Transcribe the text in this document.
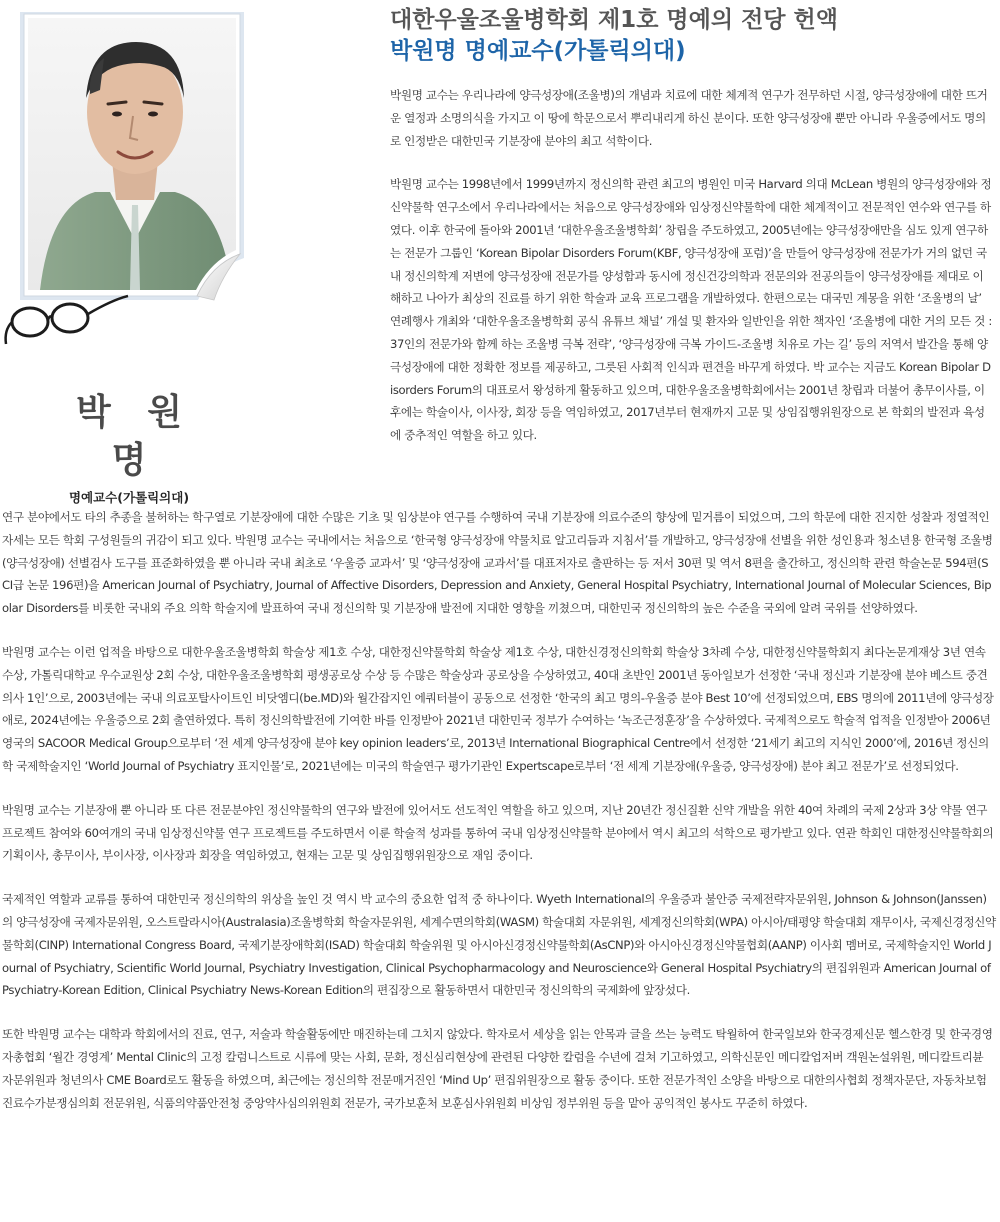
박 원 명
명예교수(가톨릭의대)
대한우울조울병학회 제1호 명예의 전당 헌액
박원명 명예교수(가톨릭의대)

박원명 교수는 우리나라에 양극성장애(조울병)의 개념과 치료에 대한 체계적 연구가 전무하던 시절, 양극성장애에 대한 뜨거운 열정과 소명의식을 가지고 이 땅에 학문으로서 뿌리내리게 하신 분이다. 또한 양극성장애 뿐만 아니라 우울증에서도 명의로 인정받은 대한민국 기분장애 분야의 최고 석학이다.

박원명 교수는 1998년에서 1999년까지 정신의학 관련 최고의 병원인 미국 Harvard 의대 McLean 병원의 양극성장애와 정신약물학 연구소에서 우리나라에서는 처음으로 양극성장애와 임상정신약물학에 대한 체계적이고 전문적인 연수와 연구를 하였다. 이후 한국에 돌아와 2001년 ‘대한우울조울병학회’ 창립을 주도하였고, 2005년에는 양극성장애만을 심도 있게 연구하는 전문가 그룹인 ‘Korean Bipolar Disorders Forum(KBF, 양극성장애 포럼)’을 만들어 양극성장애 전문가가 거의 없던 국내 정신의학계 저변에 양극성장애 전문가를 양성함과 동시에 정신건강의학과 전문의와 전공의들이 양극성장애를 제대로 이해하고 나아가 최상의 진료를 하기 위한 학술과 교육 프로그램을 개발하였다. 한편으로는 대국민 계몽을 위한 ‘조울병의 날’ 연례행사 개최와 ‘대한우울조울병학회 공식 유튜브 채널’ 개설 및 환자와 일반인을 위한 책자인 ‘조울병에 대한 거의 모든 것 : 37인의 전문가와 함께 하는 조울병 극복 전략’, ‘양극성장애 극복 가이드-조울병 치유로 가는 길’ 등의 저역서 발간을 통해 양극성장애에 대한 정확한 정보를 제공하고, 그릇된 사회적 인식과 편견을 바꾸게 하였다. 박 교수는 지금도 Korean Bipolar Disorders Forum의 대표로서 왕성하게 활동하고 있으며, 대한우울조울병학회에서는 2001년 창립과 더불어 총무이사를, 이후에는 학술이사, 이사장, 회장 등을 역임하였고, 2017년부터 현재까지 고문 및 상임집행위원장으로 본 학회의 발전과 육성에 중추적인 역할을 하고 있다.

연구 분야에서도 타의 추종을 불허하는 학구열로 기분장애에 대한 수많은 기초 및 임상분야 연구를 수행하여 국내 기분장애 의료수준의 향상에 밑거름이 되었으며, 그의 학문에 대한 진지한 성찰과 정열적인 자세는 모든 학회 구성원들의 귀감이 되고 있다. 박원명 교수는 국내에서는 처음으로 ‘한국형 양극성장애 약물치료 알고리듬과 지침서’를 개발하고, 양극성장애 선별을 위한 성인용과 청소년용 한국형 조울병(양극성장애) 선별검사 도구를 표준화하였을 뿐 아니라 국내 최초로 ‘우울증 교과서’ 및 ‘양극성장애 교과서’를 대표저자로 출판하는 등 저서 30편 및 역서 8편을 출간하고, 정신의학 관련 학술논문 594편(SCI급 논문 196편)을 American Journal of Psychiatry, Journal of Affective Disorders, Depression and Anxiety, General Hospital Psychiatry, International Journal of Molecular Sciences, Bipolar Disorders를 비롯한 국내외 주요 의학 학술지에 발표하여 국내 정신의학 및 기분장애 발전에 지대한 영향을 끼쳤으며, 대한민국 정신의학의 높은 수준을 국외에 알려 국위를 선양하였다.

박원명 교수는 이런 업적을 바탕으로 대한우울조울병학회 학술상 제1호 수상, 대한정신약물학회 학술상 제1호 수상, 대한신경정신의학회 학술상 3차례 수상, 대한정신약물학회지 최다논문게재상 3년 연속 수상, 가톨릭대학교 우수교원상 2회 수상, 대한우울조울병학회 평생공로상 수상 등 수많은 학술상과 공로상을 수상하였고, 40대 초반인 2001년 동아일보가 선정한 ‘국내 정신과 기분장애 분야 베스트 중견의사 1인’으로, 2003년에는 국내 의료포탈사이트인 비닷엠디(be.MD)와 월간잡지인 에쿼터블이 공동으로 선정한 ‘한국의 최고 명의-우울증 분야 Best 10’에 선정되었으며, EBS 명의에 2011년에 양극성장애로, 2024년에는 우울증으로 2회 출연하였다. 특히 정신의학발전에 기여한 바를 인정받아 2021년 대한민국 정부가 수여하는 ‘녹조근정훈장’을 수상하였다. 국제적으로도 학술적 업적을 인정받아 2006년 영국의 SACOOR Medical Group으로부터 ‘전 세계 양극성장애 분야 key opinion leaders’로, 2013년 International Biographical Centre에서 선정한 ‘21세기 최고의 지식인 2000’에, 2016년 정신의학 국제학술지인 ‘World Journal of Psychiatry 표지인물’로, 2021년에는 미국의 학술연구 평가기관인 Expertscape로부터 ‘전 세계 기분장애(우울증, 양극성장애) 분야 최고 전문가’로 선정되었다.

박원명 교수는 기분장애 뿐 아니라 또 다른 전문분야인 정신약물학의 연구와 발전에 있어서도 선도적인 역할을 하고 있으며, 지난 20년간 정신질환 신약 개발을 위한 40여 차례의 국제 2상과 3상 약물 연구 프로젝트 참여와 60여개의 국내 임상정신약물 연구 프로젝트를 주도하면서 이룬 학술적 성과를 통하여 국내 임상정신약물학 분야에서 역시 최고의 석학으로 평가받고 있다. 연관 학회인 대한정신약물학회의 기획이사, 총무이사, 부이사장, 이사장과 회장을 역임하였고, 현재는 고문 및 상임집행위원장으로 재임 중이다.

국제적인 역할과 교류를 통하여 대한민국 정신의학의 위상을 높인 것 역시 박 교수의 중요한 업적 중 하나이다. Wyeth International의 우울증과 불안증 국제전략자문위원, Johnson & Johnson(Janssen)의 양극성장애 국제자문위원, 오스트랄라시아(Australasia)조울병학회 학술자문위원, 세계수면의학회(WASM) 학술대회 자문위원, 세계정신의학회(WPA) 아시아/태평양 학술대회 재무이사, 국제신경정신약물학회(CINP) International Congress Board, 국제기분장애학회(ISAD) 학술대회 학술위원 및 아시아신경정신약물학회(AsCNP)와 아시아신경정신약물협회(AANP) 이사회 멤버로, 국제학술지인 World Journal of Psychiatry, Scientific World Journal, Psychiatry Investigation, Clinical Psychopharmacology and Neuroscience와 General Hospital Psychiatry의 편집위원과 American Journal of Psychiatry-Korean Edition, Clinical Psychiatry News-Korean Edition의 편집장으로 활동하면서 대한민국 정신의학의 국제화에 앞장섰다.

또한 박원명 교수는 대학과 학회에서의 진료, 연구, 저술과 학술활동에만 매진하는데 그치지 않았다. 학자로서 세상을 읽는 안목과 글을 쓰는 능력도 탁월하여 한국일보와 한국경제신문 헬스한경 및 한국경영자총협회 ‘월간 경영계’ Mental Clinic의 고정 칼럼니스트로 시류에 맞는 사회, 문화, 정신심리현상에 관련된 다양한 칼럼을 수년에 걸쳐 기고하였고, 의학신문인 메디칼업저버 객원논설위원, 메디칼트리뷴 자문위원과 청년의사 CME Board로도 활동을 하였으며, 최근에는 정신의학 전문매거진인 ‘Mind Up’ 편집위원장으로 활동 중이다. 또한 전문가적인 소양을 바탕으로 대한의사협회 정책자문단, 자동차보험진료수가분쟁심의회 전문위원, 식품의약품안전청 중앙약사심의위원회 전문가, 국가보훈처 보훈심사위원회 비상임 정부위원 등을 맡아 공익적인 봉사도 꾸준히 하였다.
